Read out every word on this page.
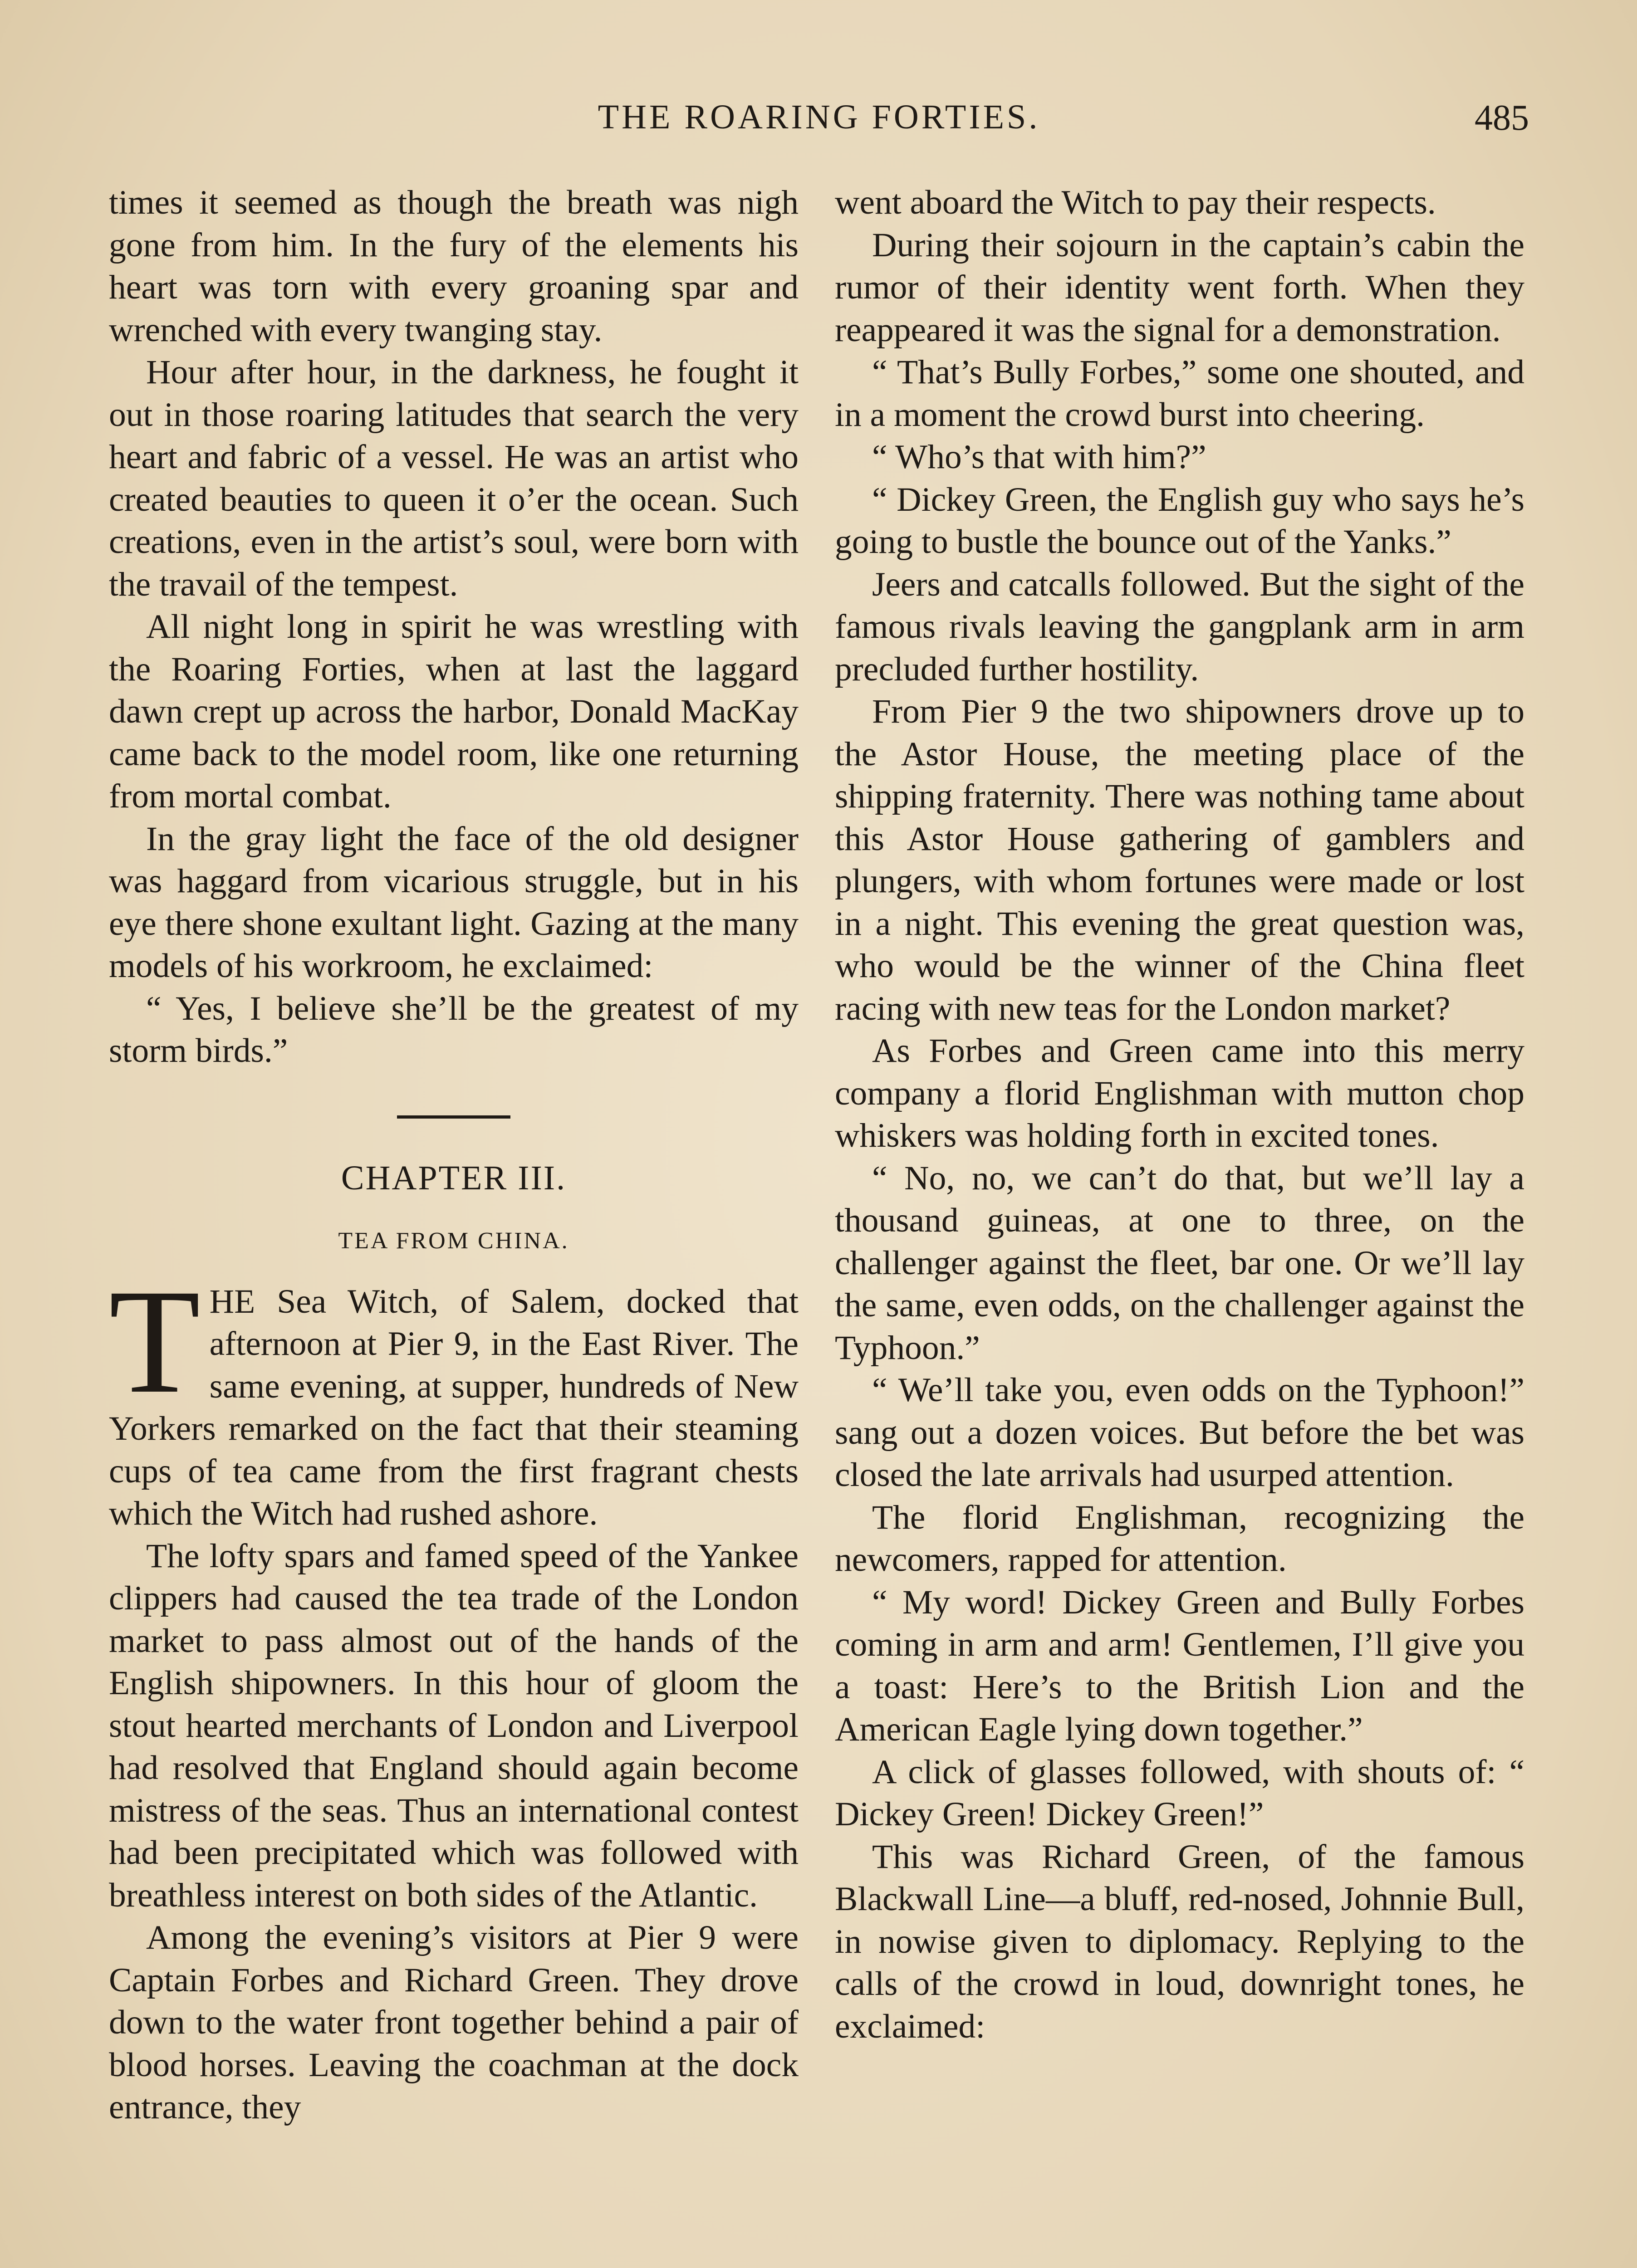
THE ROARING FORTIES.	485

times it seemed as though the breath was nigh gone from him. In the fury of the elements his heart was torn with every groaning spar and wrenched with every twanging stay.

Hour after hour, in the darkness, he fought it out in those roaring latitudes that search the very heart and fabric of a vessel. He was an artist who created beauties to queen it o’er the ocean. Such creations, even in the artist’s soul, were born with the travail of the tempest.

All night long in spirit he was wrestling with the Roaring Forties, when at last the laggard dawn crept up across the harbor, Donald MacKay came back to the model room, like one returning from mortal combat.

In the gray light the face of the old designer was haggard from vicarious struggle, but in his eye there shone exultant light. Gazing at the many models of his workroom, he exclaimed:

“ Yes, I believe she’ll be the greatest of my storm birds.”

CHAPTER III.
TEA FROM CHINA.

THE Sea Witch, of Salem, docked that afternoon at Pier 9, in the East River. The same evening, at supper, hundreds of New Yorkers remarked on the fact that their steaming cups of tea came from the first fragrant chests which the Witch had rushed ashore.

The lofty spars and famed speed of the Yankee clippers had caused the tea trade of the London market to pass almost out of the hands of the English shipowners. In this hour of gloom the stout hearted merchants of London and Liverpool had resolved that England should again become mistress of the seas. Thus an international contest had been precipitated which was followed with breathless interest on both sides of the Atlantic.

Among the evening’s visitors at Pier 9 were Captain Forbes and Richard Green. They drove down to the water front together behind a pair of blood horses. Leaving the coachman at the dock entrance, they

went aboard the Witch to pay their respects.

During their sojourn in the captain’s cabin the rumor of their identity went forth. When they reappeared it was the signal for a demonstration.

“ That’s Bully Forbes,” some one shouted, and in a moment the crowd burst into cheering.

“ Who’s that with him?”

“ Dickey Green, the English guy who says he’s going to bustle the bounce out of the Yanks.”

Jeers and catcalls followed. But the sight of the famous rivals leaving the gangplank arm in arm precluded further hostility.

From Pier 9 the two shipowners drove up to the Astor House, the meeting place of the shipping fraternity. There was nothing tame about this Astor House gathering of gamblers and plungers, with whom fortunes were made or lost in a night. This evening the great question was, who would be the winner of the China fleet racing with new teas for the London market?

As Forbes and Green came into this merry company a florid Englishman with mutton chop whiskers was holding forth in excited tones.

“ No, no, we can’t do that, but we’ll lay a thousand guineas, at one to three, on the challenger against the fleet, bar one. Or we’ll lay the same, even odds, on the challenger against the Typhoon.”

“ We’ll take you, even odds on the Typhoon!” sang out a dozen voices. But before the bet was closed the late arrivals had usurped attention.

The florid Englishman, recognizing the newcomers, rapped for attention.

“ My word! Dickey Green and Bully Forbes coming in arm and arm! Gentlemen, I’ll give you a toast: Here’s to the British Lion and the American Eagle lying down together.”

A click of glasses followed, with shouts of: “ Dickey Green! Dickey Green!”

This was Richard Green, of the famous Blackwall Line—a bluff, red-nosed, Johnnie Bull, in nowise given to diplomacy. Replying to the calls of the crowd in loud, downright tones, he exclaimed:
